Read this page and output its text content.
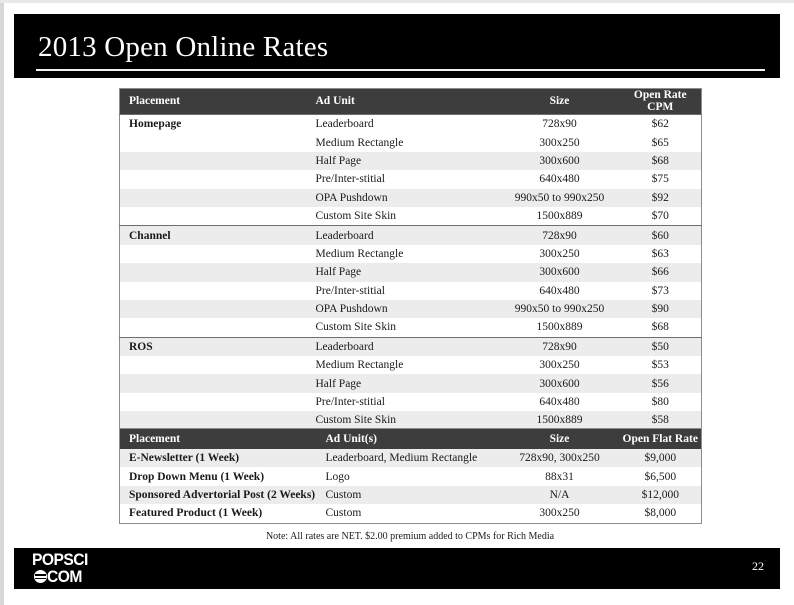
2013 Open Online Rates
Placement	Ad Unit	Size	Open Rate CPM
Homepage	Leaderboard	728x90	$62
	Medium Rectangle	300x250	$65
	Half Page	300x600	$68
	Pre/Inter-stitial	640x480	$75
	OPA Pushdown	990x50 to 990x250	$92
	Custom Site Skin	1500x889	$70
Channel	Leaderboard	728x90	$60
	Medium Rectangle	300x250	$63
	Half Page	300x600	$66
	Pre/Inter-stitial	640x480	$73
	OPA Pushdown	990x50 to 990x250	$90
	Custom Site Skin	1500x889	$68
ROS	Leaderboard	728x90	$50
	Medium Rectangle	300x250	$53
	Half Page	300x600	$56
	Pre/Inter-stitial	640x480	$80
	Custom Site Skin	1500x889	$58
Placement	Ad Unit(s)	Size	Open Flat Rate
E-Newsletter (1 Week)	Leaderboard, Medium Rectangle	728x90, 300x250	$9,000
Drop Down Menu (1 Week)	Logo	88x31	$6,500
Sponsored Advertorial Post (2 Weeks)	Custom	N/A	$12,000
Featured Product (1 Week)	Custom	300x250	$8,000
Note: All rates are NET. $2.00 premium added to CPMs for Rich Media
POPSCI
COM
22
